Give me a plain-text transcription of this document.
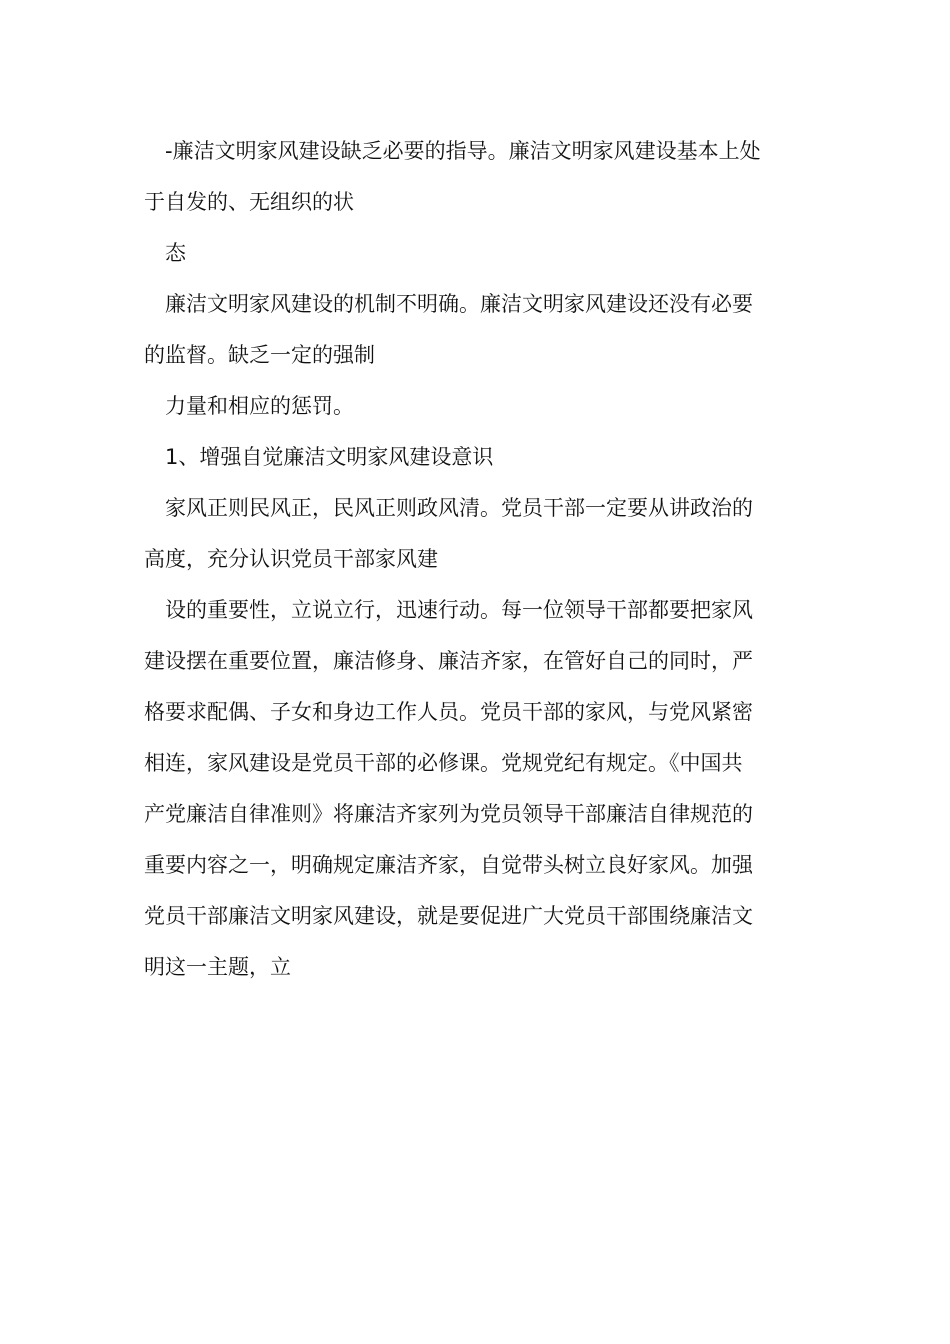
-廉洁文明家风建设缺乏必要的指导。廉洁文明家风建设基本上处
于自发的、无组织的状
态
廉洁文明家风建设的机制不明确。廉洁文明家风建设还没有必要
的监督。缺乏一定的强制
力量和相应的惩罚。
1、增强自觉廉洁文明家风建设意识
家风正则民风正，民风正则政风清。党员干部一定要从讲政治的
高度，充分认识党员干部家风建
设的重要性，立说立行，迅速行动。每一位领导干部都要把家风
建设摆在重要位置，廉洁修身、廉洁齐家，在管好自己的同时，严
格要求配偶、子女和身边工作人员。党员干部的家风，与党风紧密
相连，家风建设是党员干部的必修课。党规党纪有规定。《中国共
产党廉洁自律准则》将廉洁齐家列为党员领导干部廉洁自律规范的
重要内容之一，明确规定廉洁齐家，自觉带头树立良好家风。加强
党员干部廉洁文明家风建设，就是要促进广大党员干部围绕廉洁文
明这一主题，立
